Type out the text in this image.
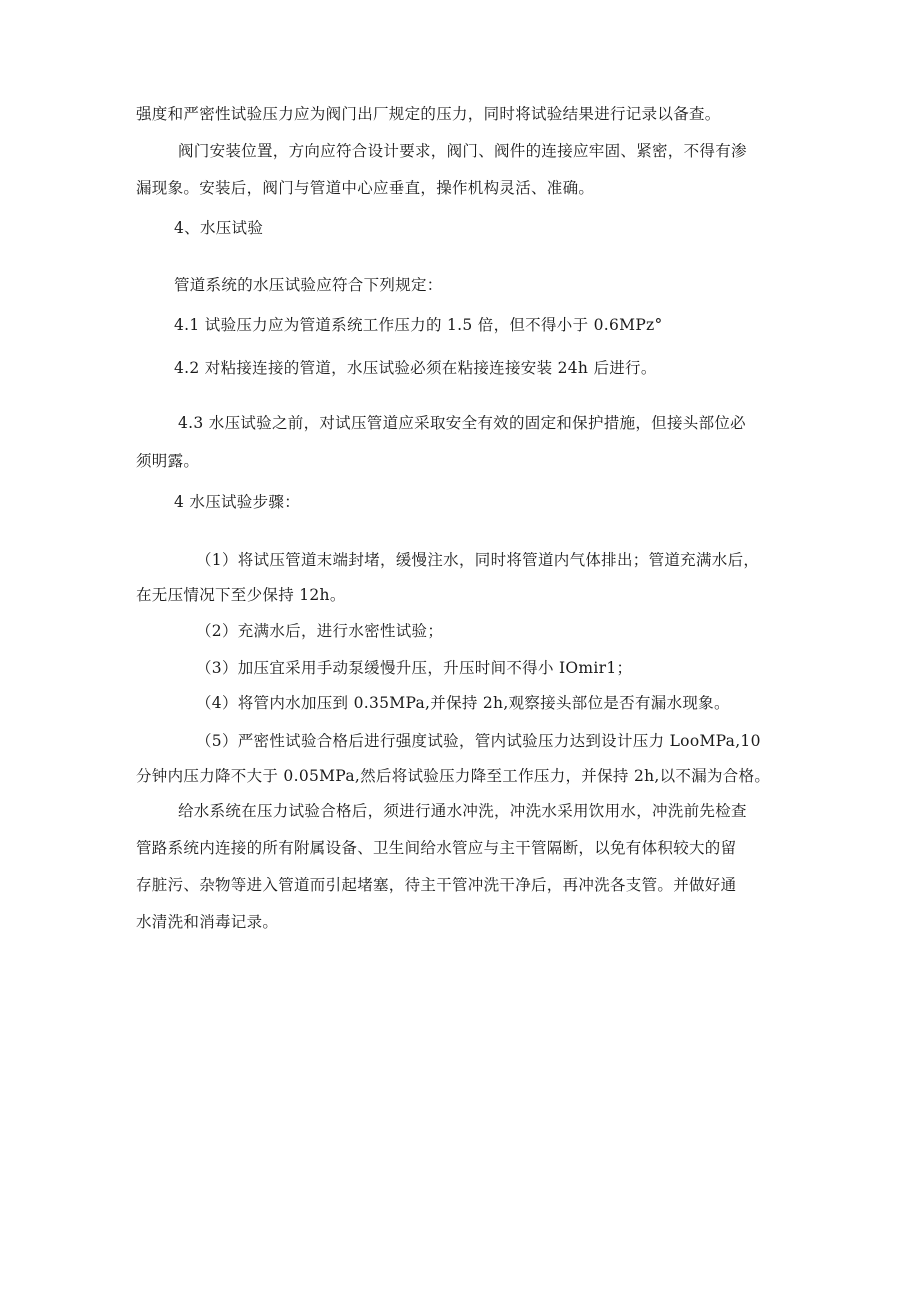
强度和严密性试验压力应为阀门出厂规定的压力，同时将试验结果进行记录以备查。
阀门安装位置，方向应符合设计要求，阀门、阀件的连接应牢固、紧密，不得有渗
漏现象。安装后，阀门与管道中心应垂直，操作机构灵活、准确。
4、水压试验
管道系统的水压试验应符合下列规定：
4.1 试验压力应为管道系统工作压力的 1.5 倍，但不得小于 0.6MPz°
4.2 对粘接连接的管道，水压试验必须在粘接连接安装 24h 后进行。
4.3 水压试验之前，对试压管道应采取安全有效的固定和保护措施，但接头部位必
须明露。
4 水压试验步骤：
（1）将试压管道末端封堵，缓慢注水，同时将管道内气体排出；管道充满水后，
在无压情况下至少保持 12h。
（2）充满水后，进行水密性试验；
（3）加压宜采用手动泵缓慢升压，升压时间不得小 IOmir1；
（4）将管内水加压到 0.35MPa,并保持 2h,观察接头部位是否有漏水现象。
（5）严密性试验合格后进行强度试验，管内试验压力达到设计压力 LooMPa,10
分钟内压力降不大于 0.05MPa,然后将试验压力降至工作压力，并保持 2h,以不漏为合格。
给水系统在压力试验合格后，须进行通水冲洗，冲洗水采用饮用水，冲洗前先检查
管路系统内连接的所有附属设备、卫生间给水管应与主干管隔断，以免有体积较大的留
存脏污、杂物等进入管道而引起堵塞，待主干管冲洗干净后，再冲洗各支管。并做好通
水清洗和消毒记录。
